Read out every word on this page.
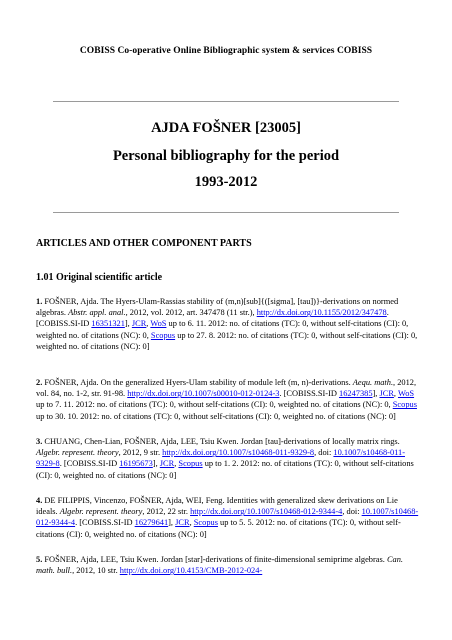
COBISS Co-operative Online Bibliographic system & services COBISS
AJDA FOŠNER [23005]
Personal bibliography for the period
1993-2012
ARTICLES AND OTHER COMPONENT PARTS
1.01 Original scientific article
1. FOŠNER, Ajda. The Hyers-Ulam-Rassias stability of (m,n)[sub]{([sigma], [tau])}-derivations on normed algebras. Abstr. appl. anal., 2012, vol. 2012, art. 347478 (11 str.), http://dx.doi.org/10.1155/2012/347478. [COBISS.SI-ID 16351321], JCR, WoS up to 6. 11. 2012: no. of citations (TC): 0, without self-citations (CI): 0, weighted no. of citations (NC): 0, Scopus up to 27. 8. 2012: no. of citations (TC): 0, without self-citations (CI): 0, weighted no. of citations (NC): 0]
2. FOŠNER, Ajda. On the generalized Hyers-Ulam stability of module left (m, n)-derivations. Aequ. math., 2012, vol. 84, no. 1-2, str. 91-98. http://dx.doi.org/10.1007/s00010-012-0124-3. [COBISS.SI-ID 16247385], JCR, WoS up to 7. 11. 2012: no. of citations (TC): 0, without self-citations (CI): 0, weighted no. of citations (NC): 0, Scopus up to 30. 10. 2012: no. of citations (TC): 0, without self-citations (CI): 0, weighted no. of citations (NC): 0]
3. CHUANG, Chen-Lian, FOŠNER, Ajda, LEE, Tsiu Kwen. Jordan [tau]-derivations of locally matrix rings. Algebr. represent. theory, 2012, 9 str. http://dx.doi.org/10.1007/s10468-011-9329-8, doi: 10.1007/s10468-011-9329-8. [COBISS.SI-ID 16195673], JCR, Scopus up to 1. 2. 2012: no. of citations (TC): 0, without self-citations (CI): 0, weighted no. of citations (NC): 0]
4. DE FILIPPIS, Vincenzo, FOŠNER, Ajda, WEI, Feng. Identities with generalized skew derivations on Lie ideals. Algebr. represent. theory, 2012, 22 str. http://dx.doi.org/10.1007/s10468-012-9344-4, doi: 10.1007/s10468-012-9344-4. [COBISS.SI-ID 16279641], JCR, Scopus up to 5. 5. 2012: no. of citations (TC): 0, without self-citations (CI): 0, weighted no. of citations (NC): 0]
5. FOŠNER, Ajda, LEE, Tsiu Kwen. Jordan [star]-derivations of finite-dimensional semiprime algebras. Can. math. bull., 2012, 10 str. http://dx.doi.org/10.4153/CMB-2012-024-
